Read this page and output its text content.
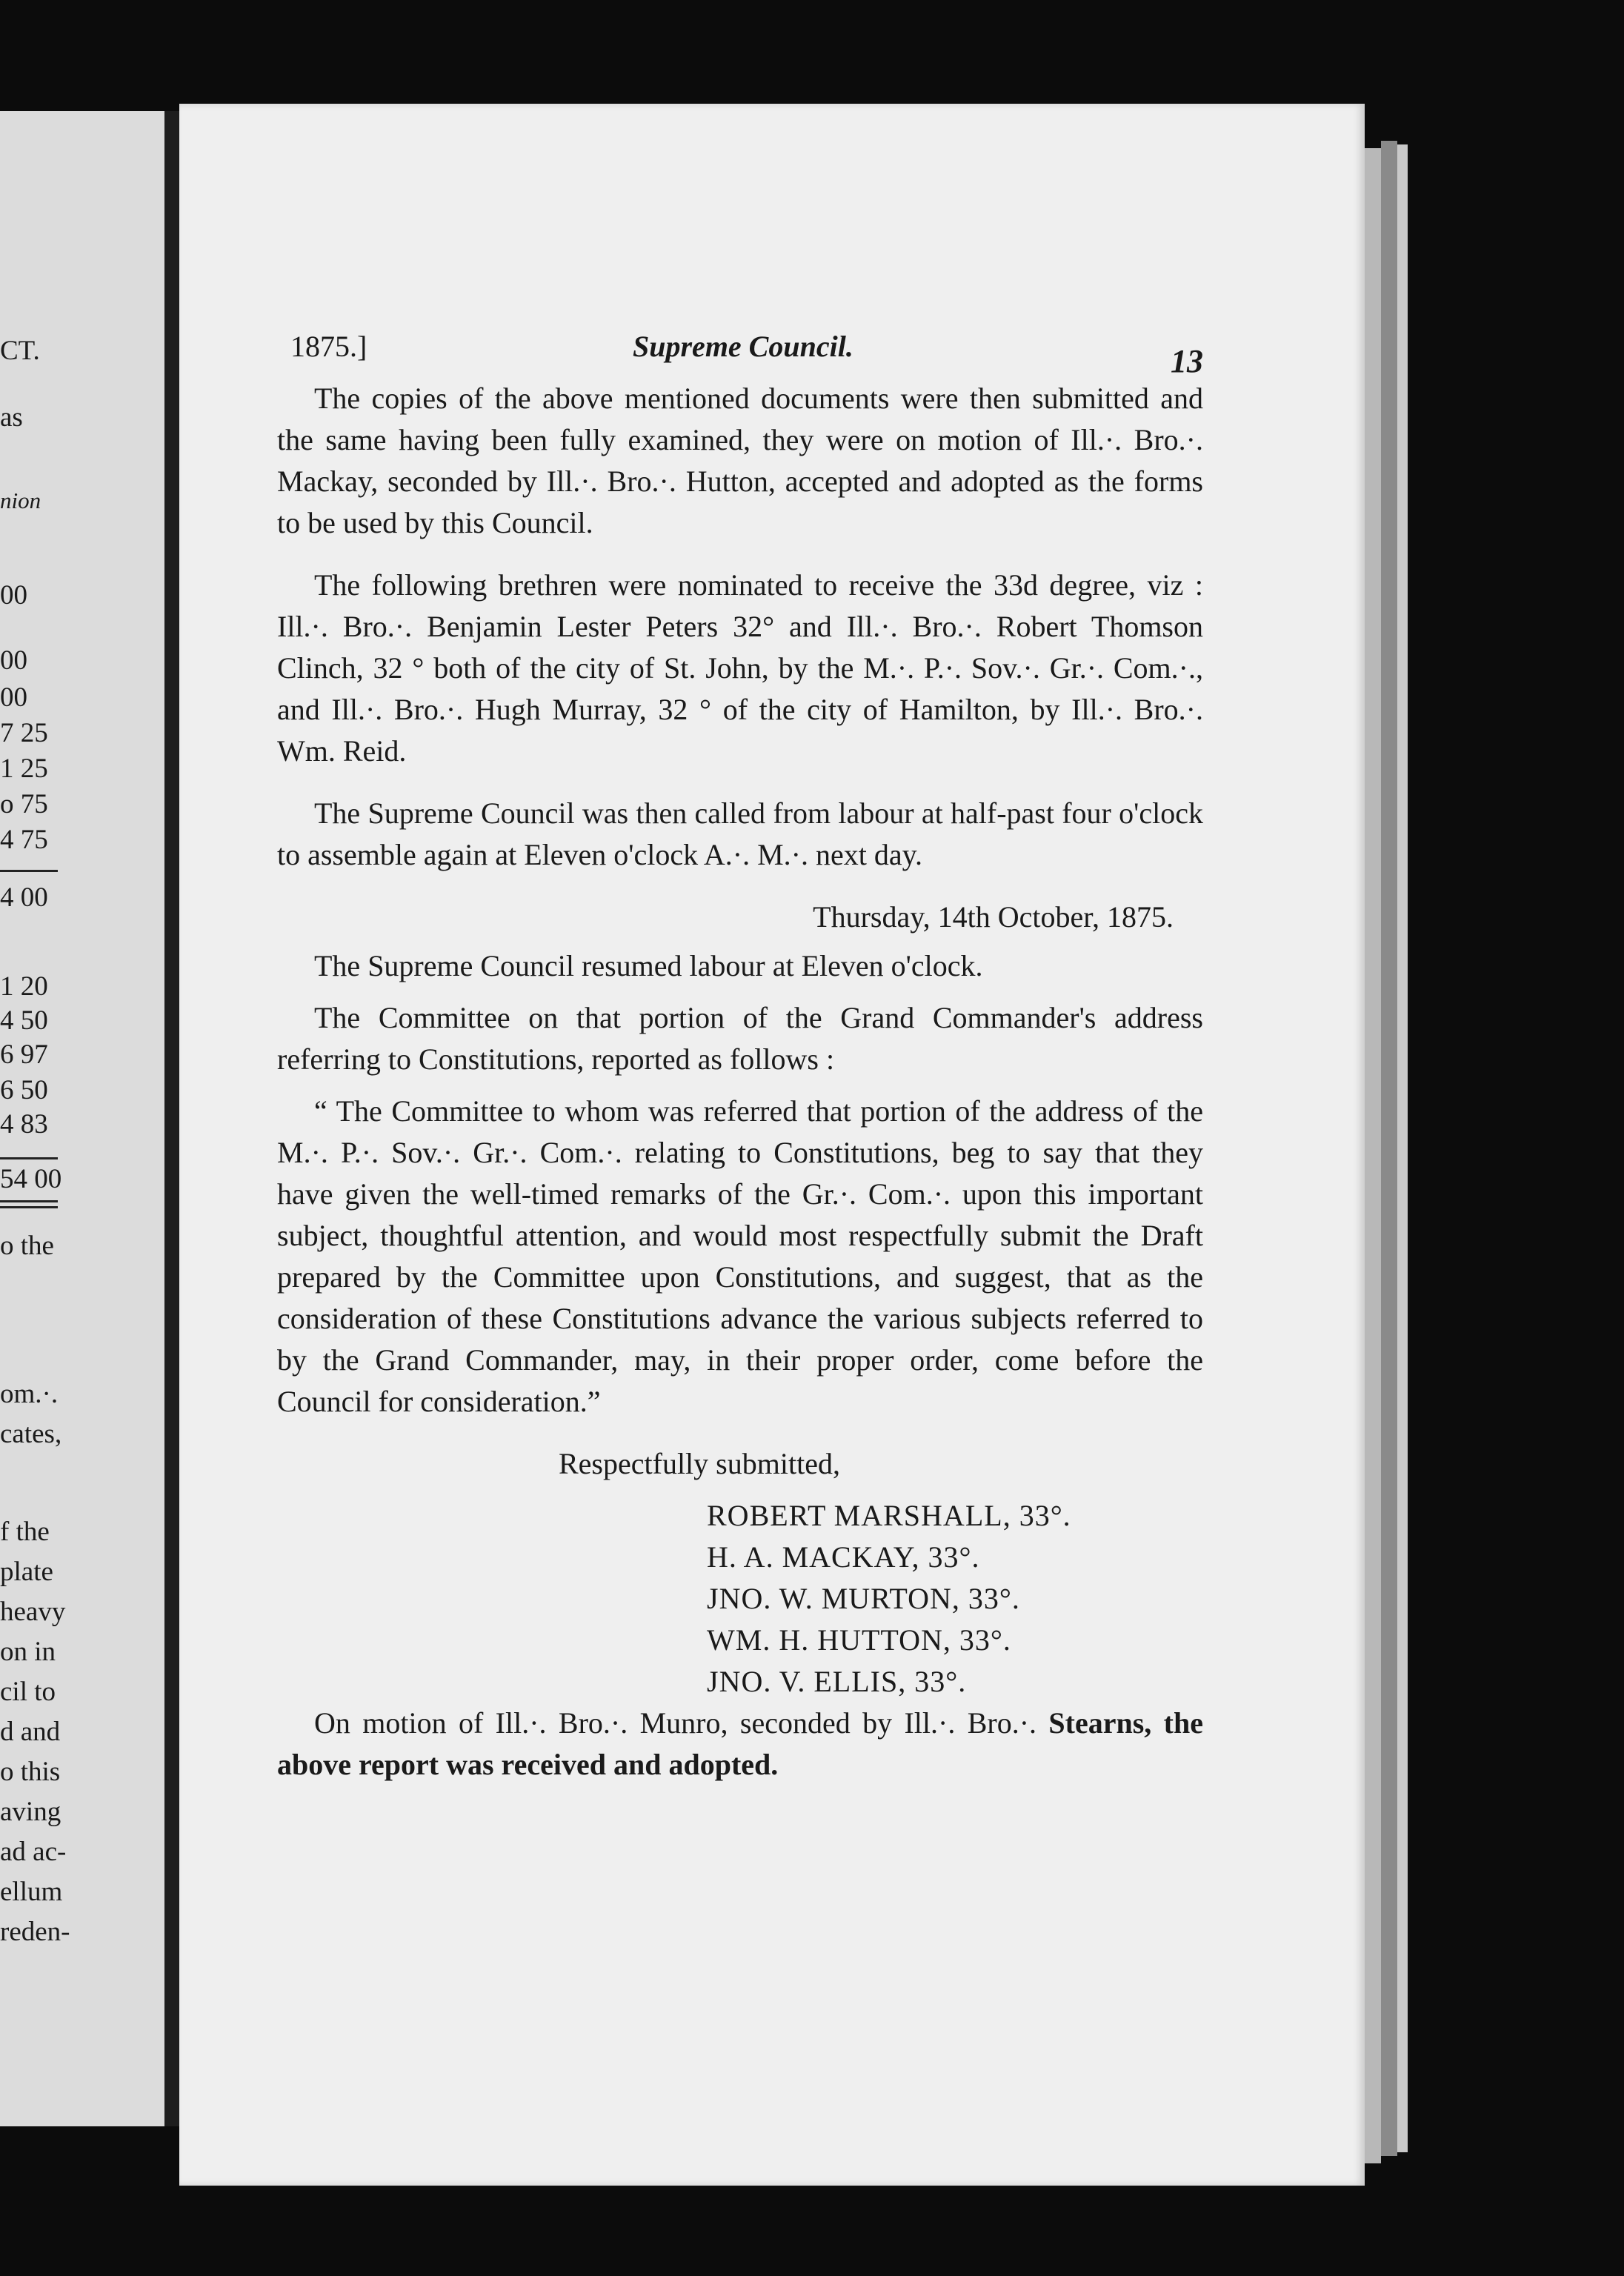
CT.
as
nion
00
00
00
7 25
1 25
o 75
4 75
4 00
1 20
4 50
6 97
6 50
4 83
54 00
o the
om.·.
cates,
f the
plate
heavy
on in
cil to
d and
o this
aving
ad ac-
ellum
reden-
1875.]	Supreme Council.	13

The copies of the above mentioned documents were then submitted and the same having been fully examined, they were on motion of Ill.·. Bro.·. Mackay, seconded by Ill.·. Bro.·. Hutton, accepted and adopted as the forms to be used by this Council.

The following brethren were nominated to receive the 33d degree, viz : Ill.·. Bro.·. Benjamin Lester Peters 32° and Ill.·. Bro.·. Robert Thomson Clinch, 32 ° both of the city of St. John, by the M.·. P.·. Sov.·. Gr.·. Com.·., and Ill.·. Bro.·. Hugh Murray, 32 ° of the city of Hamilton, by Ill.·. Bro.·. Wm. Reid.

The Supreme Council was then called from labour at half-past four o'clock to assemble again at Eleven o'clock A.·. M.·. next day.

Thursday, 14th October, 1875.

The Supreme Council resumed labour at Eleven o'clock.

The Committee on that portion of the Grand Commander's address referring to Constitutions, reported as follows :

“ The Committee to whom was referred that portion of the address of the M.·. P.·. Sov.·. Gr.·. Com.·. relating to Constitutions, beg to say that they have given the well-timed remarks of the Gr.·. Com.·. upon this important subject, thoughtful attention, and would most respectfully submit the Draft prepared by the Committee upon Constitutions, and suggest, that as the consideration of these Constitutions advance the various subjects referred to by the Grand Commander, may, in their proper order, come before the Council for consideration.”

Respectfully submitted,

ROBERT MARSHALL, 33°.
H. A. MACKAY, 33°.
JNO. W. MURTON, 33°.
WM. H. HUTTON, 33°.
JNO. V. ELLIS, 33°.

On motion of Ill.·. Bro.·. Munro, seconded by Ill.·. Bro.·. Stearns, the above report was received and adopted.
